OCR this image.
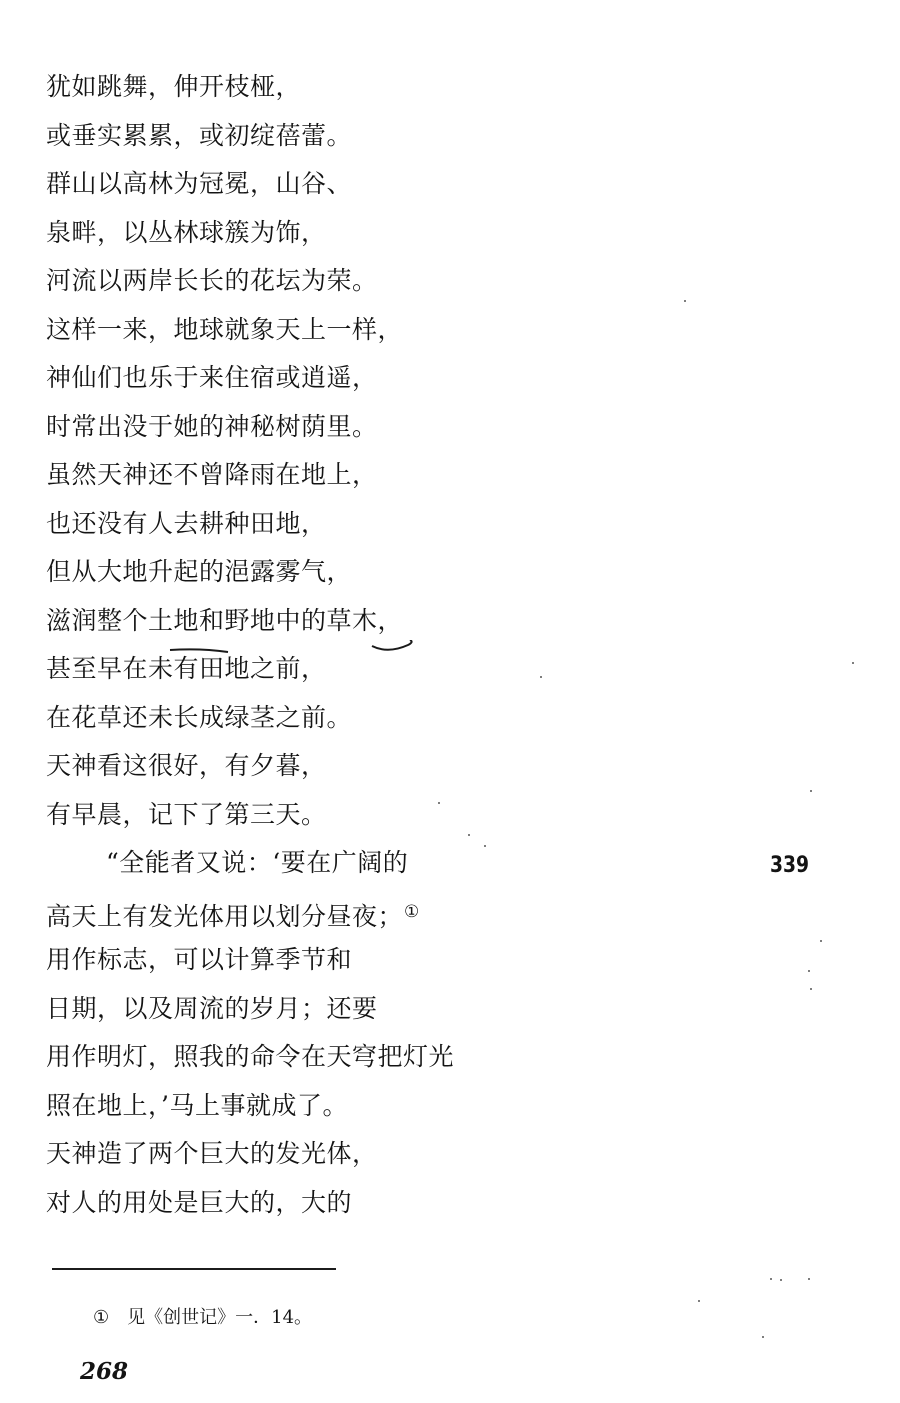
犹如跳舞，伸开枝桠，
或垂实累累，或初绽蓓蕾。
群山以高林为冠冕，山谷、
泉畔，以丛林球簇为饰，
河流以两岸长长的花坛为荣。
这样一来，地球就象天上一样，
神仙们也乐于来住宿或逍遥，
时常出没于她的神秘树荫里。
虽然天神还不曾降雨在地上，
也还没有人去耕种田地，
但从大地升起的浥露雾气，
滋润整个土地和野地中的草木，
甚至早在未有田地之前，
在花草还未长成绿茎之前。
天神看这很好，有夕暮，
有早晨，记下了第三天。
“全能者又说：‘要在广阔的
高天上有发光体用以划分昼夜；①
用作标志，可以计算季节和
日期，以及周流的岁月；还要
用作明灯，照我的命令在天穹把灯光
照在地上，’马上事就成了。
天神造了两个巨大的发光体，
对人的用处是巨大的，大的
339
① 见《创世记》一．14。
268
